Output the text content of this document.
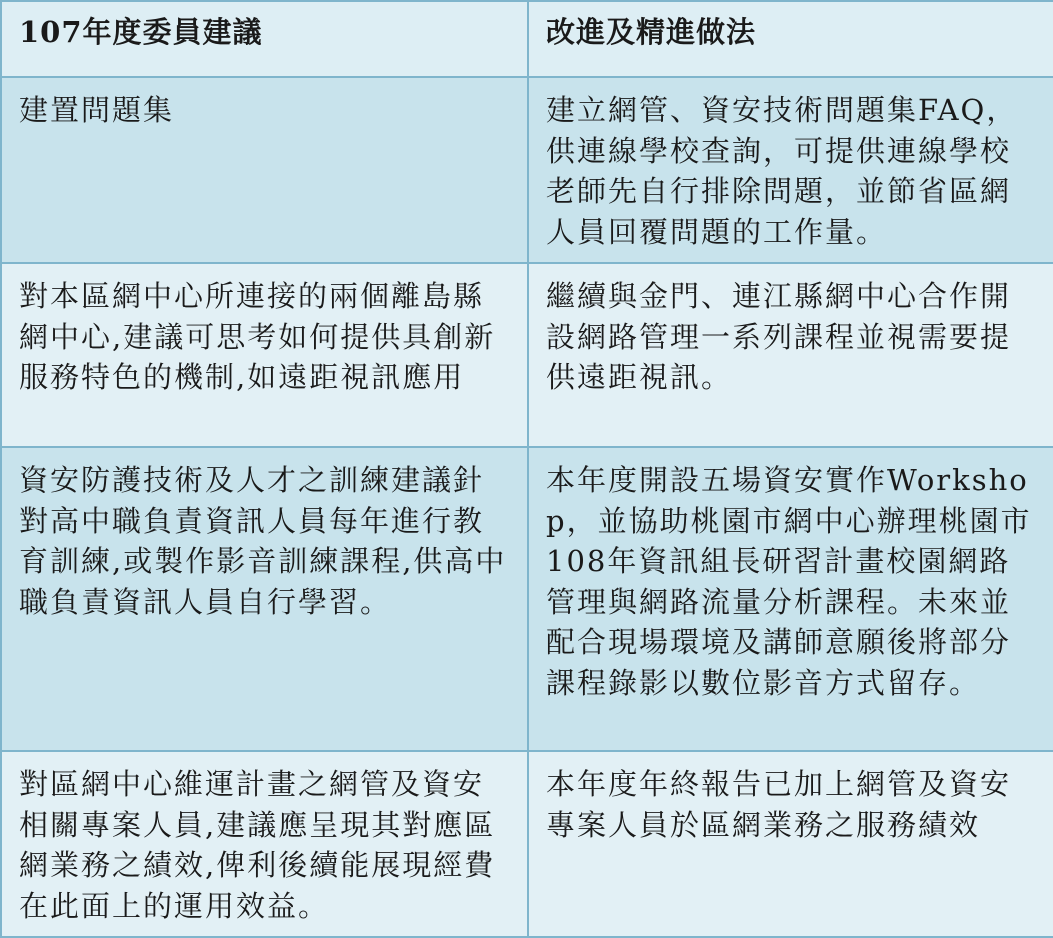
107年度委員建議	改進及精進做法
建置問題集	建立網管、資安技術問題集FAQ，供連線學校查詢，可提供連線學校老師先自行排除問題，並節省區網人員回覆問題的工作量。
對本區網中心所連接的兩個離島縣網中心,建議可思考如何提供具創新服務特色的機制,如遠距視訊應用	繼續與金門、連江縣網中心合作開設網路管理一系列課程並視需要提供遠距視訊。
資安防護技術及人才之訓練建議針對高中職負責資訊人員每年進行教育訓練,或製作影音訓練課程,供高中職負責資訊人員自行學習。	本年度開設五場資安實作Workshop，並協助桃園市網中心辦理桃園市108年資訊組長研習計畫校園網路管理與網路流量分析課程。未來並配合現場環境及講師意願後將部分課程錄影以數位影音方式留存。
對區網中心維運計畫之網管及資安相關專案人員,建議應呈現其對應區網業務之績效,俾利後續能展現經費在此面上的運用效益。	本年度年終報告已加上網管及資安專案人員於區網業務之服務績效
